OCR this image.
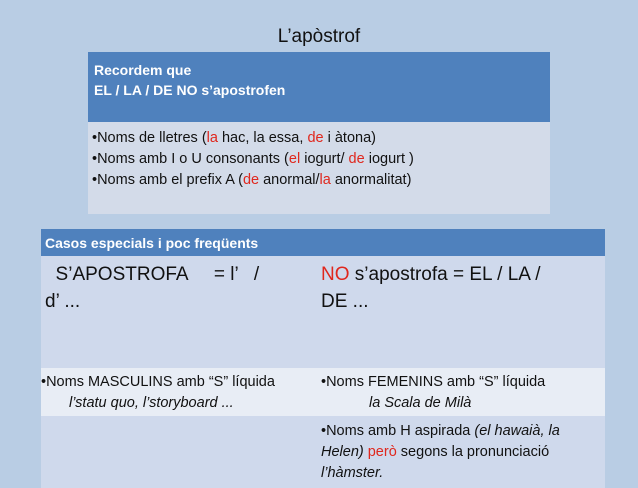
L’apòstrof
Recordem que
EL / LA / DE NO s’apostrofen
•Noms de lletres (la hac, la essa, de i àtona)
•Noms amb I o U consonants (el iogurt/ de iogurt )
•Noms amb el prefix A (de anormal/la anormalitat)
Casos especials i poc freqüents
S’APOSTROFA     = l’   /
d’ ...
NO s’apostrofa = EL / LA /
DE ...
•Noms MASCULINS amb “S” líquida
l’statu quo, l’storyboard ...
•Noms FEMENINS amb “S” líquida
la Scala de Milà
•Noms amb H aspirada (el hawaià, la
Helen) però segons la pronunciació
l’hàmster.
